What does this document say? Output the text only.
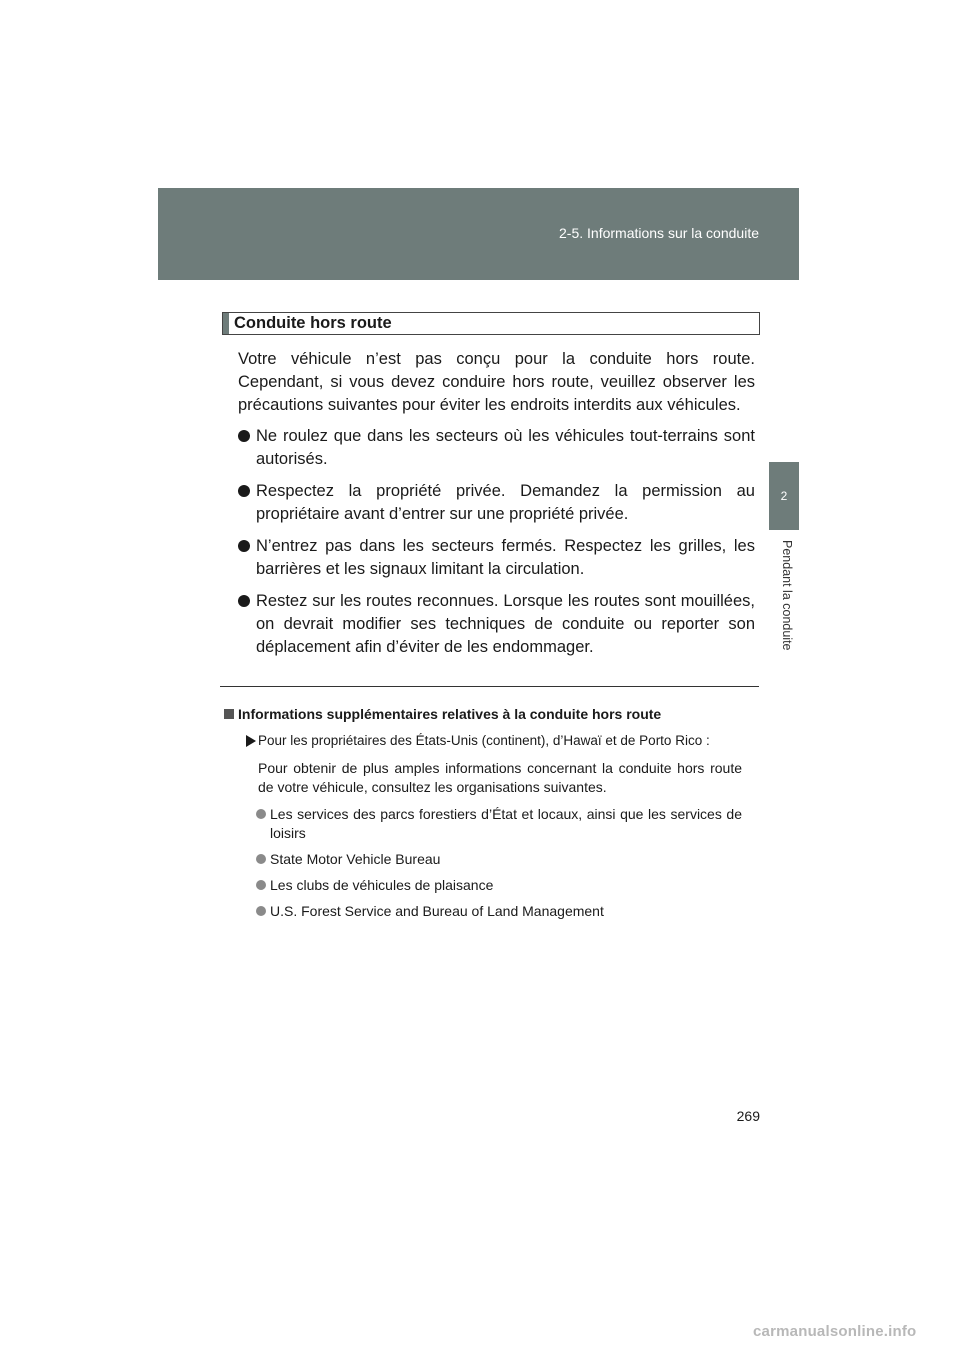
2-5. Informations sur la conduite
2
Pendant la conduite
Conduite hors route

Votre véhicule n’est pas conçu pour la conduite hors route. Cependant, si vous devez conduire hors route, veuillez observer les précautions suivantes pour éviter les endroits interdits aux véhicules.

Ne roulez que dans les secteurs où les véhicules tout-terrains sont autorisés.
Respectez la propriété privée. Demandez la permission au propriétaire avant d’entrer sur une propriété privée.
N’entrez pas dans les secteurs fermés. Respectez les grilles, les barrières et les signaux limitant la circulation.
Restez sur les routes reconnues. Lorsque les routes sont mouillées, on devrait modifier ses techniques de conduite ou reporter son déplacement afin d’éviter de les endommager.
Informations supplémentaires relatives à la conduite hors route
Pour les propriétaires des États-Unis (continent), d’Hawaï et de Porto Rico :

Pour obtenir de plus amples informations concernant la conduite hors route de votre véhicule, consultez les organisations suivantes.

Les services des parcs forestiers d’État et locaux, ainsi que les services de loisirs
State Motor Vehicle Bureau
Les clubs de véhicules de plaisance
U.S. Forest Service and Bureau of Land Management
269
carmanualsonline.info
